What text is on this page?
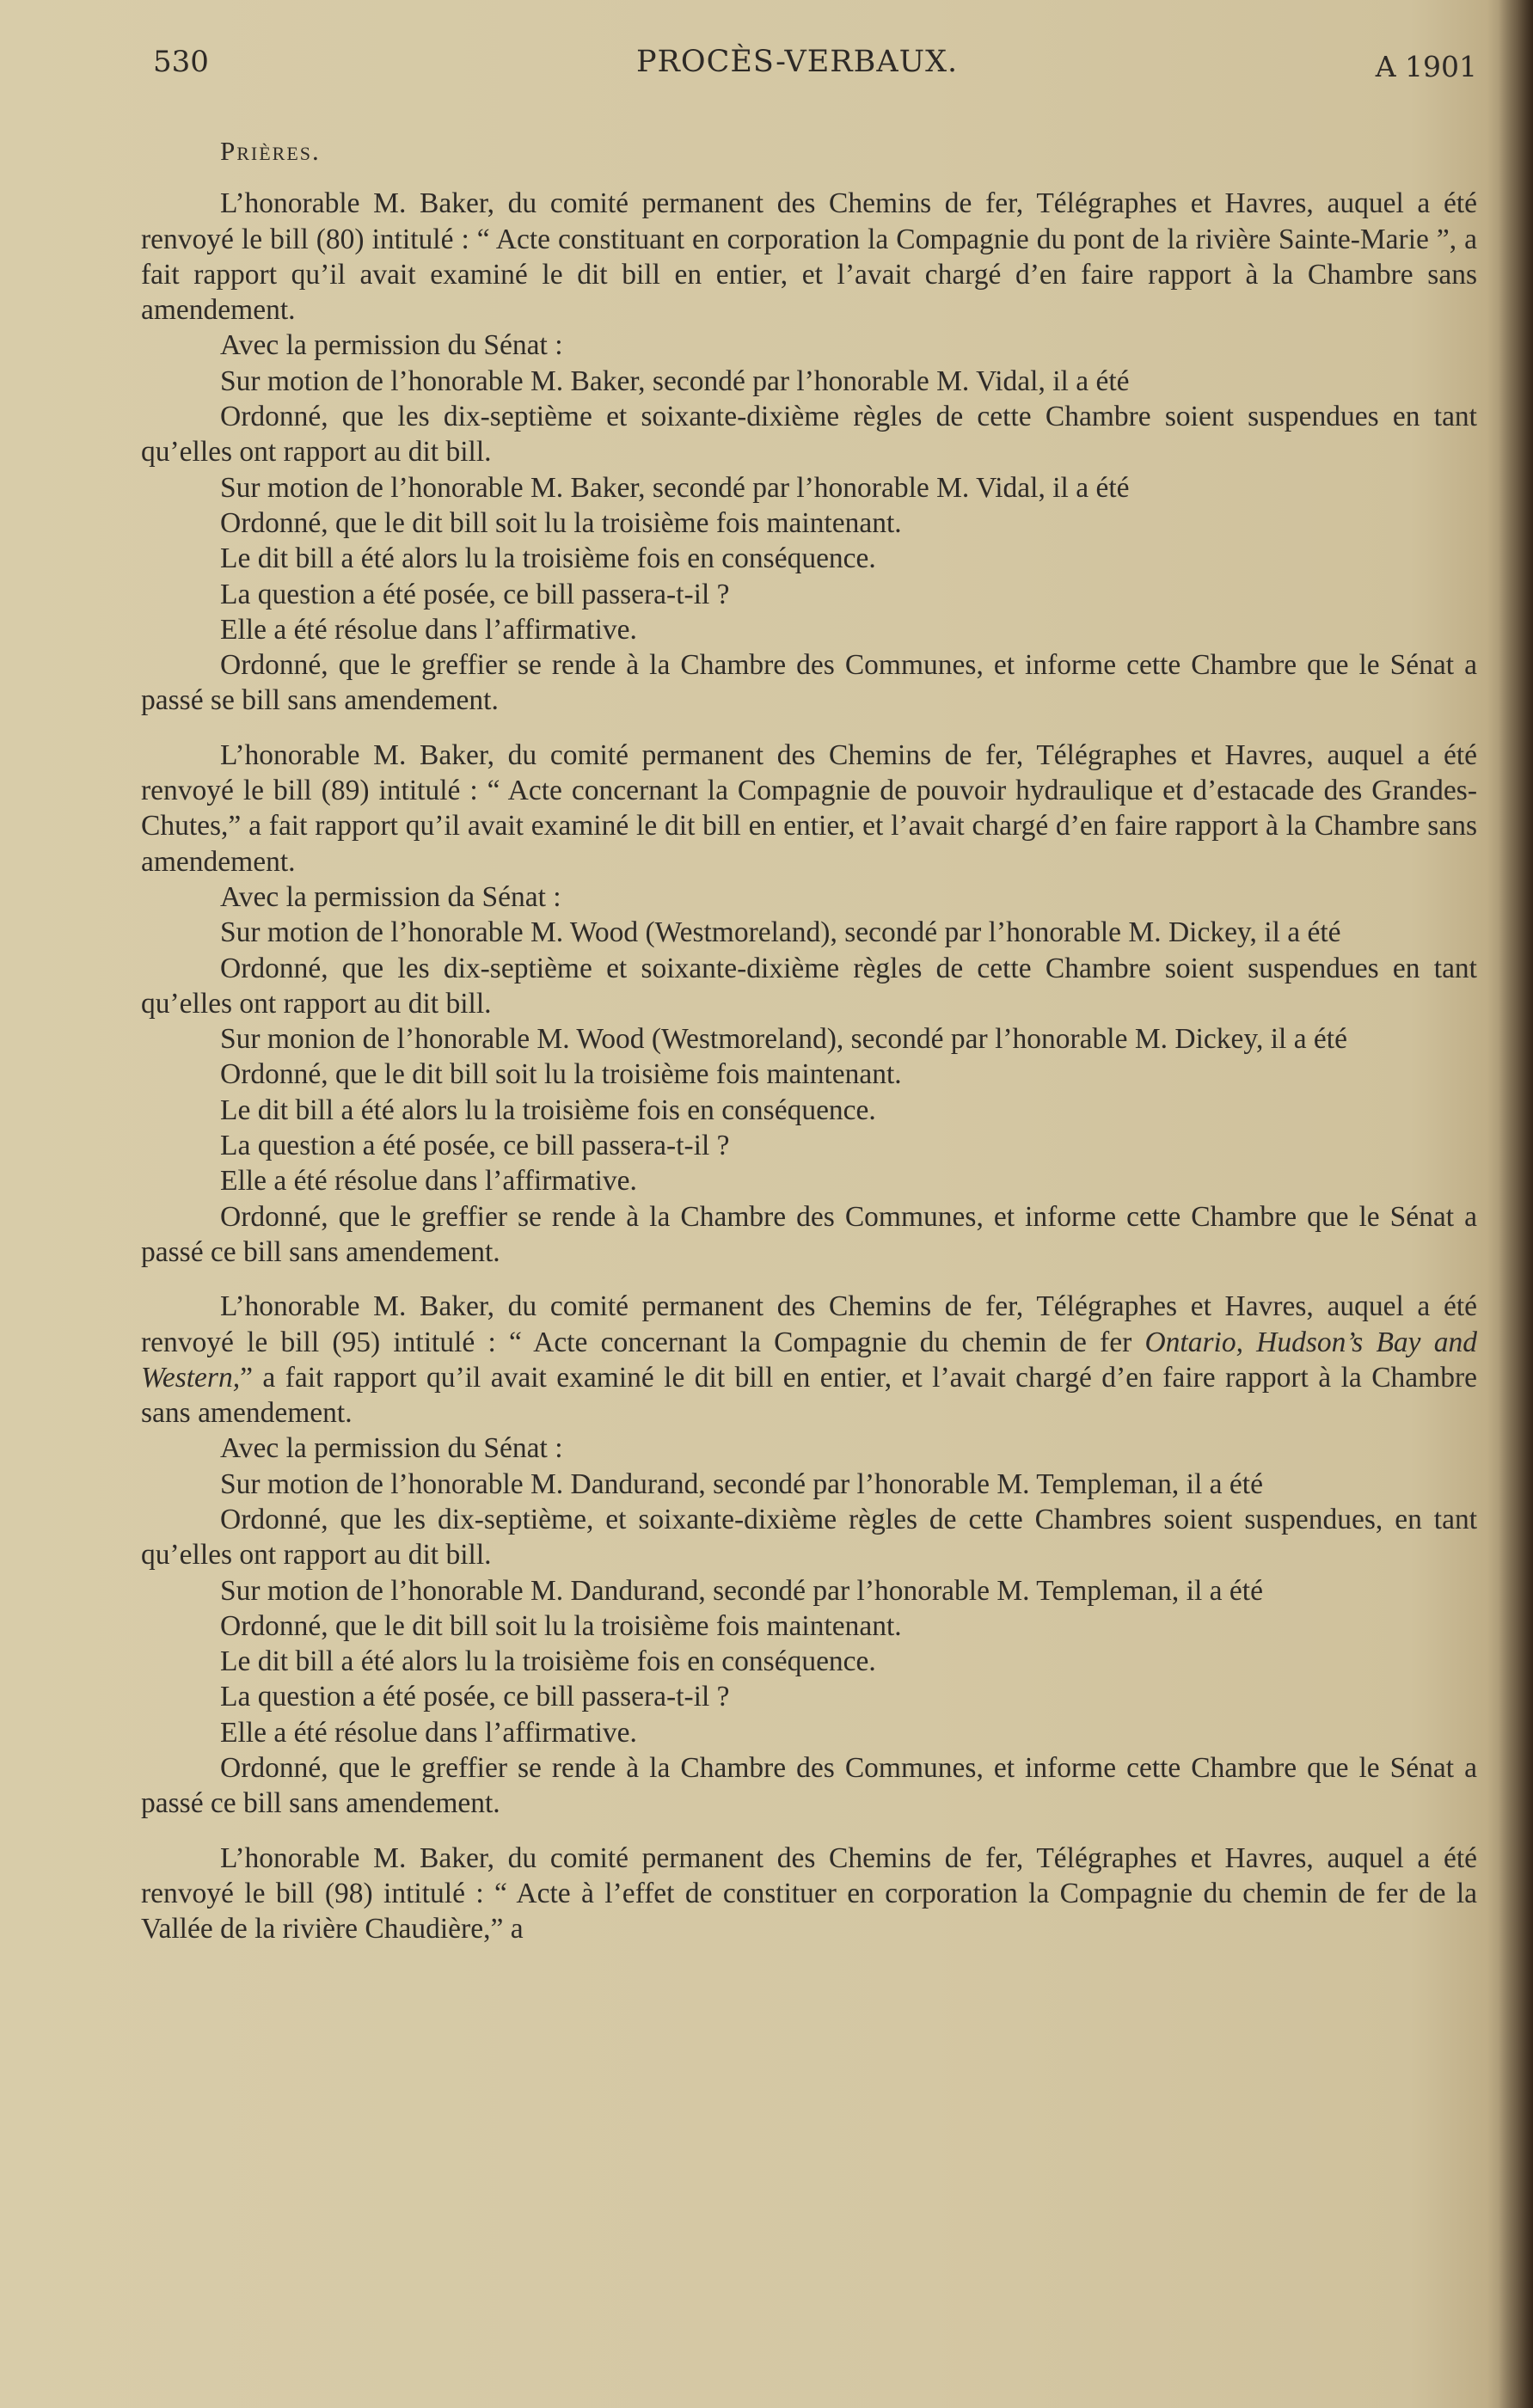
530	PROCÈS-VERBAUX.	A 1901
Prières.

L’honorable M. Baker, du comité permanent des Chemins de fer, Télégraphes et Havres, auquel a été renvoyé le bill (80) intitulé : “ Acte constituant en corporation la Compagnie du pont de la rivière Sainte-Marie ”, a fait rapport qu’il avait examiné le dit bill en entier, et l’avait chargé d’en faire rapport à la Chambre sans amendement.

Avec la permission du Sénat :

Sur motion de l’honorable M. Baker, secondé par l’honorable M. Vidal, il a été

Ordonné, que les dix-septième et soixante-dixième règles de cette Chambre soient suspendues en tant qu’elles ont rapport au dit bill.

Sur motion de l’honorable M. Baker, secondé par l’honorable M. Vidal, il a été

Ordonné, que le dit bill soit lu la troisième fois maintenant.

Le dit bill a été alors lu la troisième fois en conséquence.

La question a été posée, ce bill passera-t-il ?

Elle a été résolue dans l’affirmative.

Ordonné, que le greffier se rende à la Chambre des Communes, et informe cette Chambre que le Sénat a passé se bill sans amendement.

L’honorable M. Baker, du comité permanent des Chemins de fer, Télégraphes et Havres, auquel a été renvoyé le bill (89) intitulé : “ Acte concernant la Compagnie de pouvoir hydraulique et d’estacade des Grandes-Chutes,” a fait rapport qu’il avait examiné le dit bill en entier, et l’avait chargé d’en faire rapport à la Chambre sans amendement.

Avec la permission da Sénat :

Sur motion de l’honorable M. Wood (Westmoreland), secondé par l’honorable M. Dickey, il a été

Ordonné, que les dix-septième et soixante-dixième règles de cette Chambre soient suspendues en tant qu’elles ont rapport au dit bill.

Sur monion de l’honorable M. Wood (Westmoreland), secondé par l’honorable M. Dickey, il a été

Ordonné, que le dit bill soit lu la troisième fois maintenant.

Le dit bill a été alors lu la troisième fois en conséquence.

La question a été posée, ce bill passera-t-il ?

Elle a été résolue dans l’affirmative.

Ordonné, que le greffier se rende à la Chambre des Communes, et informe cette Chambre que le Sénat a passé ce bill sans amendement.

L’honorable M. Baker, du comité permanent des Chemins de fer, Télégraphes et Havres, auquel a été renvoyé le bill (95) intitulé : “ Acte concernant la Compagnie du chemin de fer Ontario, Hudson’s Bay and Western,” a fait rapport qu’il avait examiné le dit bill en entier, et l’avait chargé d’en faire rapport à la Chambre sans amendement.

Avec la permission du Sénat :

Sur motion de l’honorable M. Dandurand, secondé par l’honorable M. Templeman, il a été

Ordonné, que les dix-septième, et soixante-dixième règles de cette Chambres soient suspendues, en tant qu’elles ont rapport au dit bill.

Sur motion de l’honorable M. Dandurand, secondé par l’honorable M. Templeman, il a été

Ordonné, que le dit bill soit lu la troisième fois maintenant.

Le dit bill a été alors lu la troisième fois en conséquence.

La question a été posée, ce bill passera-t-il ?

Elle a été résolue dans l’affirmative.

Ordonné, que le greffier se rende à la Chambre des Communes, et informe cette Chambre que le Sénat a passé ce bill sans amendement.

L’honorable M. Baker, du comité permanent des Chemins de fer, Télégraphes et Havres, auquel a été renvoyé le bill (98) intitulé : “ Acte à l’effet de constituer en corporation la Compagnie du chemin de fer de la Vallée de la rivière Chaudière,” a
